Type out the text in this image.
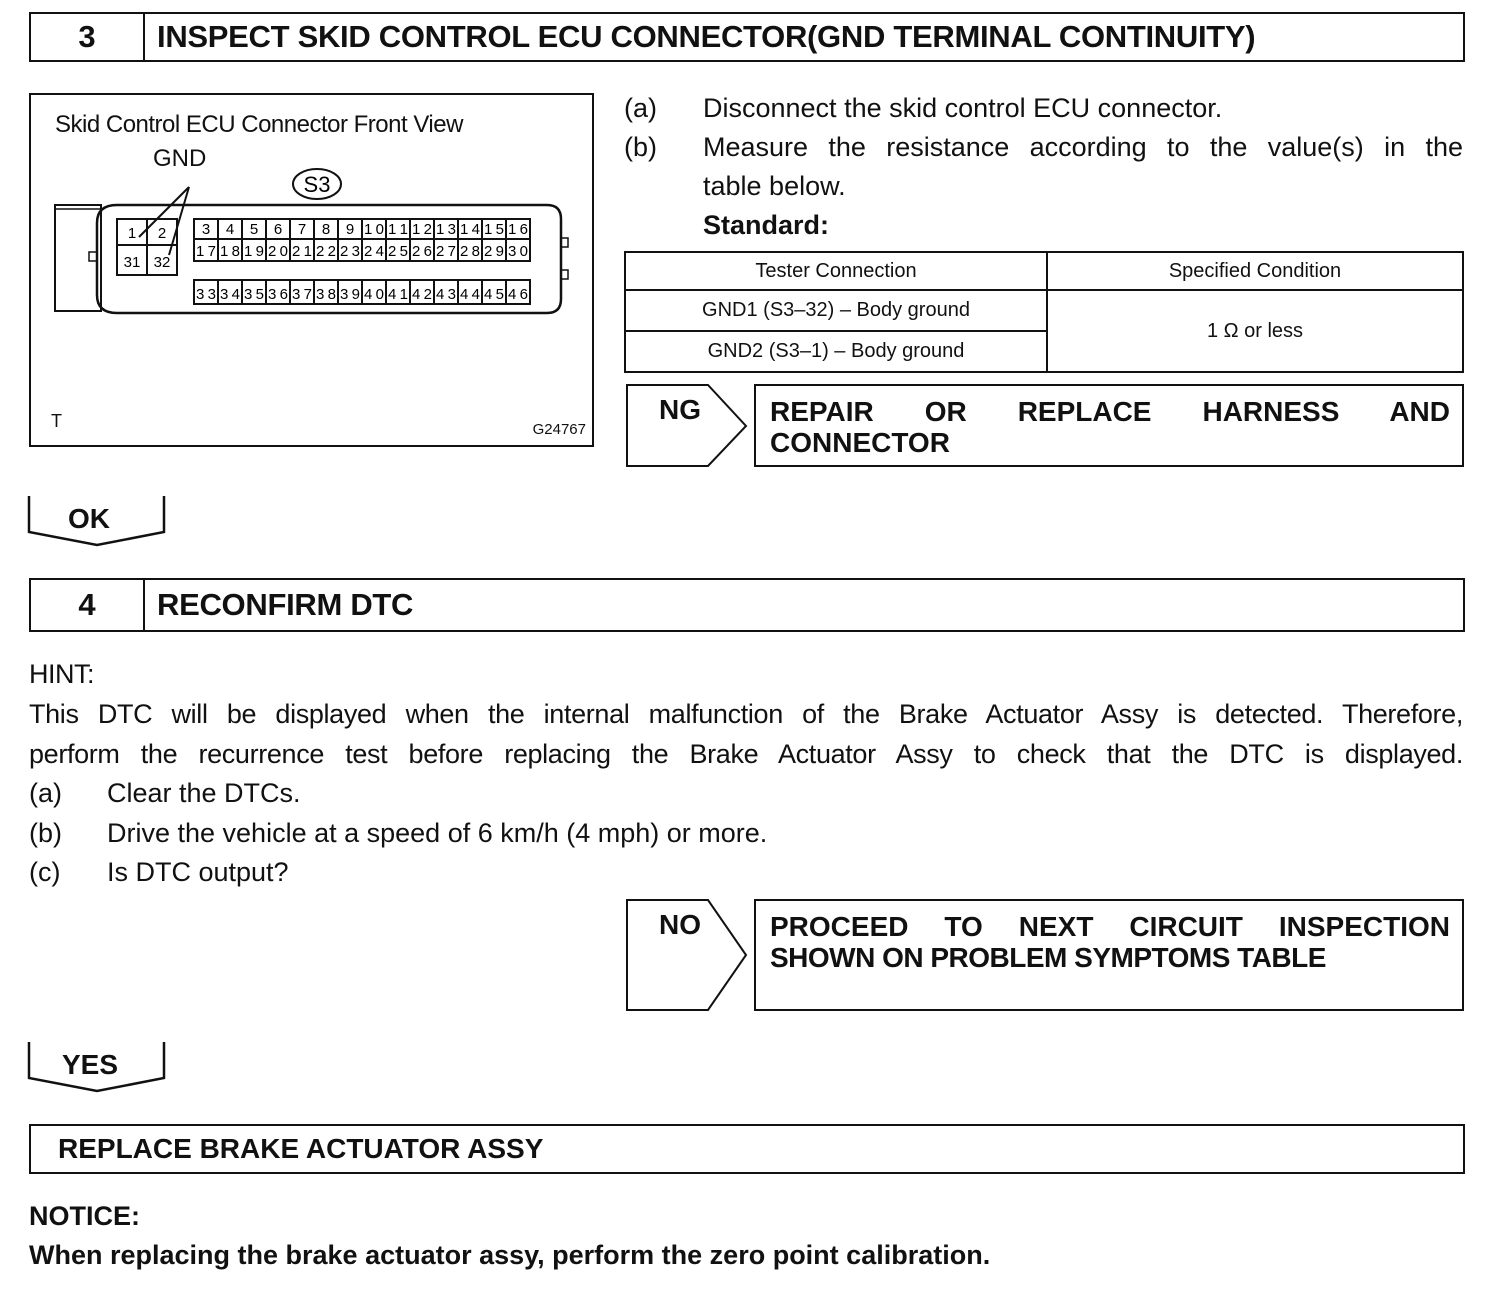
3	INSPECT SKID CONTROL ECU CONNECTOR(GND TERMINAL CONTINUITY)
Skid Control ECU Connector Front View
GND
T	G24767
S3
1 2
31 32
3 4 5 6 7 8 9 10 11 12 13 14 15 16
17 18 19 20 21 22 23 24 25 26 27 28 29 30
33 34 35 36 37 38 39 40 41 42 43 44 45 46
(a) Disconnect the skid control ECU connector.
(b) Measure the resistance according to the value(s) in the
table below.
Standard:
Tester Connection	Specified Condition
GND1 (S3–32) – Body ground	1 Ω or less
GND2 (S3–1) – Body ground	
NG REPAIR OR REPLACE HARNESS AND
CONNECTOR
OK
4	RECONFIRM DTC
HINT:
This DTC will be displayed when the internal malfunction of the Brake Actuator Assy is detected. Therefore,
perform the recurrence test before replacing the Brake Actuator Assy to check that the DTC is displayed.
(a) Clear the DTCs.
(b) Drive the vehicle at a speed of 6 km/h (4 mph) or more.
(c) Is DTC output?
NO PROCEED TO NEXT CIRCUIT INSPECTION
SHOWN ON PROBLEM SYMPTOMS TABLE
YES
REPLACE BRAKE ACTUATOR ASSY
NOTICE:
When replacing the brake actuator assy, perform the zero point calibration.
